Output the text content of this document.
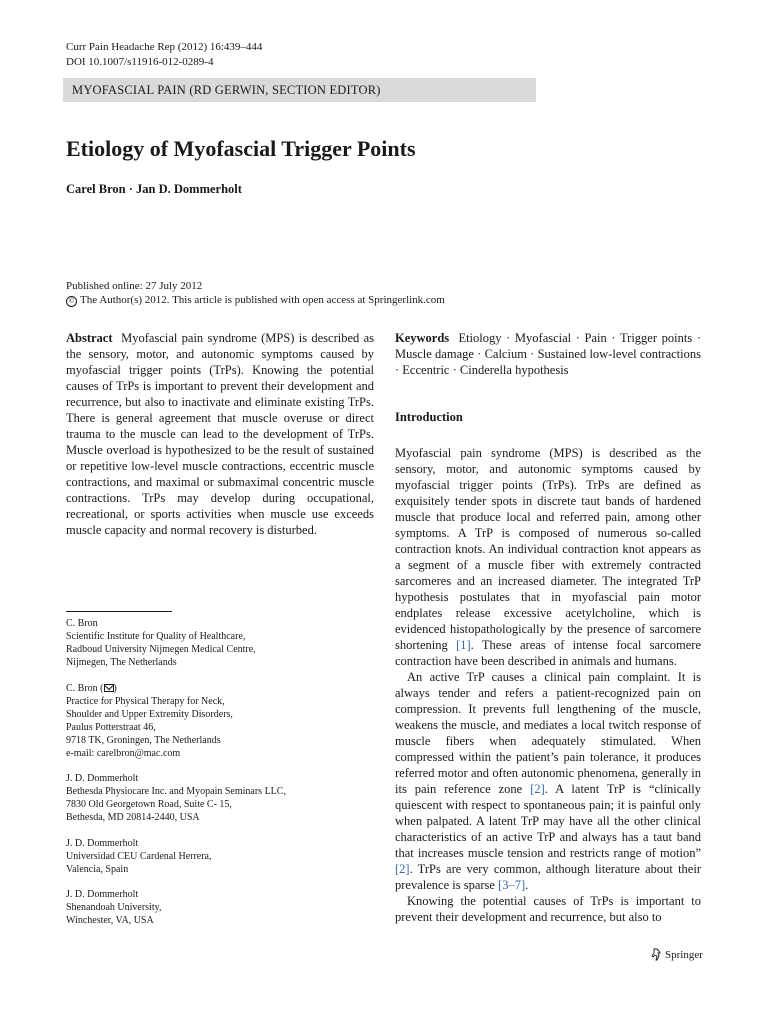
Curr Pain Headache Rep (2012) 16:439–444
DOI 10.1007/s11916-012-0289-4
MYOFASCIAL PAIN (RD GERWIN, SECTION EDITOR)
Etiology of Myofascial Trigger Points
Carel Bron · Jan D. Dommerholt
Published online: 27 July 2012
© The Author(s) 2012. This article is published with open access at Springerlink.com

Abstract Myofascial pain syndrome (MPS) is described as the sensory, motor, and autonomic symptoms caused by myofascial trigger points (TrPs). Knowing the potential causes of TrPs is important to prevent their development and recurrence, but also to inactivate and eliminate existing TrPs. There is general agreement that muscle overuse or direct trauma to the muscle can lead to the development of TrPs. Muscle overload is hypothesized to be the result of sustained or repetitive low-level muscle contractions, eccentric muscle contractions, and maximal or submaximal concentric muscle contractions. TrPs may develop during occupational, recreational, or sports activities when muscle use exceeds muscle capacity and normal recovery is disturbed.

Keywords Etiology · Myofascial · Pain · Trigger points · Muscle damage · Calcium · Sustained low-level contractions · Eccentric · Cinderella hypothesis

Introduction

Myofascial pain syndrome (MPS) is described as the sensory, motor, and autonomic symptoms caused by myofascial trigger points (TrPs). TrPs are defined as exquisitely tender spots in discrete taut bands of hardened muscle that produce local and referred pain, among other symptoms. A TrP is composed of numerous so-called contraction knots. An individual contraction knot appears as a segment of a muscle fiber with extremely contracted sarcomeres and an increased diameter. The integrated TrP hypothesis postulates that in myofascial pain motor endplates release excessive acetylcholine, which is evidenced histopathologically by the presence of sarcomere shortening [1]. These areas of intense focal sarcomere contraction have been described in animals and humans.

An active TrP causes a clinical pain complaint. It is always tender and refers a patient-recognized pain on compression. It prevents full lengthening of the muscle, weakens the muscle, and mediates a local twitch response of muscle fibers when adequately stimulated. When compressed within the patient’s pain tolerance, it produces referred motor and often autonomic phenomena, generally in its pain reference zone [2]. A latent TrP is “clinically quiescent with respect to spontaneous pain; it is painful only when palpated. A latent TrP may have all the other clinical characteristics of an active TrP and always has a taut band that increases muscle tension and restricts range of motion” [2]. TrPs are very common, although literature about their prevalence is sparse [3–7].

Knowing the potential causes of TrPs is important to prevent their development and recurrence, but also to

C. Bron
Scientific Institute for Quality of Healthcare,
Radboud University Nijmegen Medical Centre,
Nijmegen, The Netherlands
C. Bron ( )
Practice for Physical Therapy for Neck,
Shoulder and Upper Extremity Disorders,
Paulus Potterstraat 46,
9718 TK, Groningen, The Netherlands
e-mail: carelbron@mac.com
J. D. Dommerholt
Bethesda Physiocare Inc. and Myopain Seminars LLC,
7830 Old Georgetown Road, Suite C- 15,
Bethesda, MD 20814-2440, USA
J. D. Dommerholt
Universidad CEU Cardenal Herrera,
Valencia, Spain
J. D. Dommerholt
Shenandoah University,
Winchester, VA, USA
Springer
